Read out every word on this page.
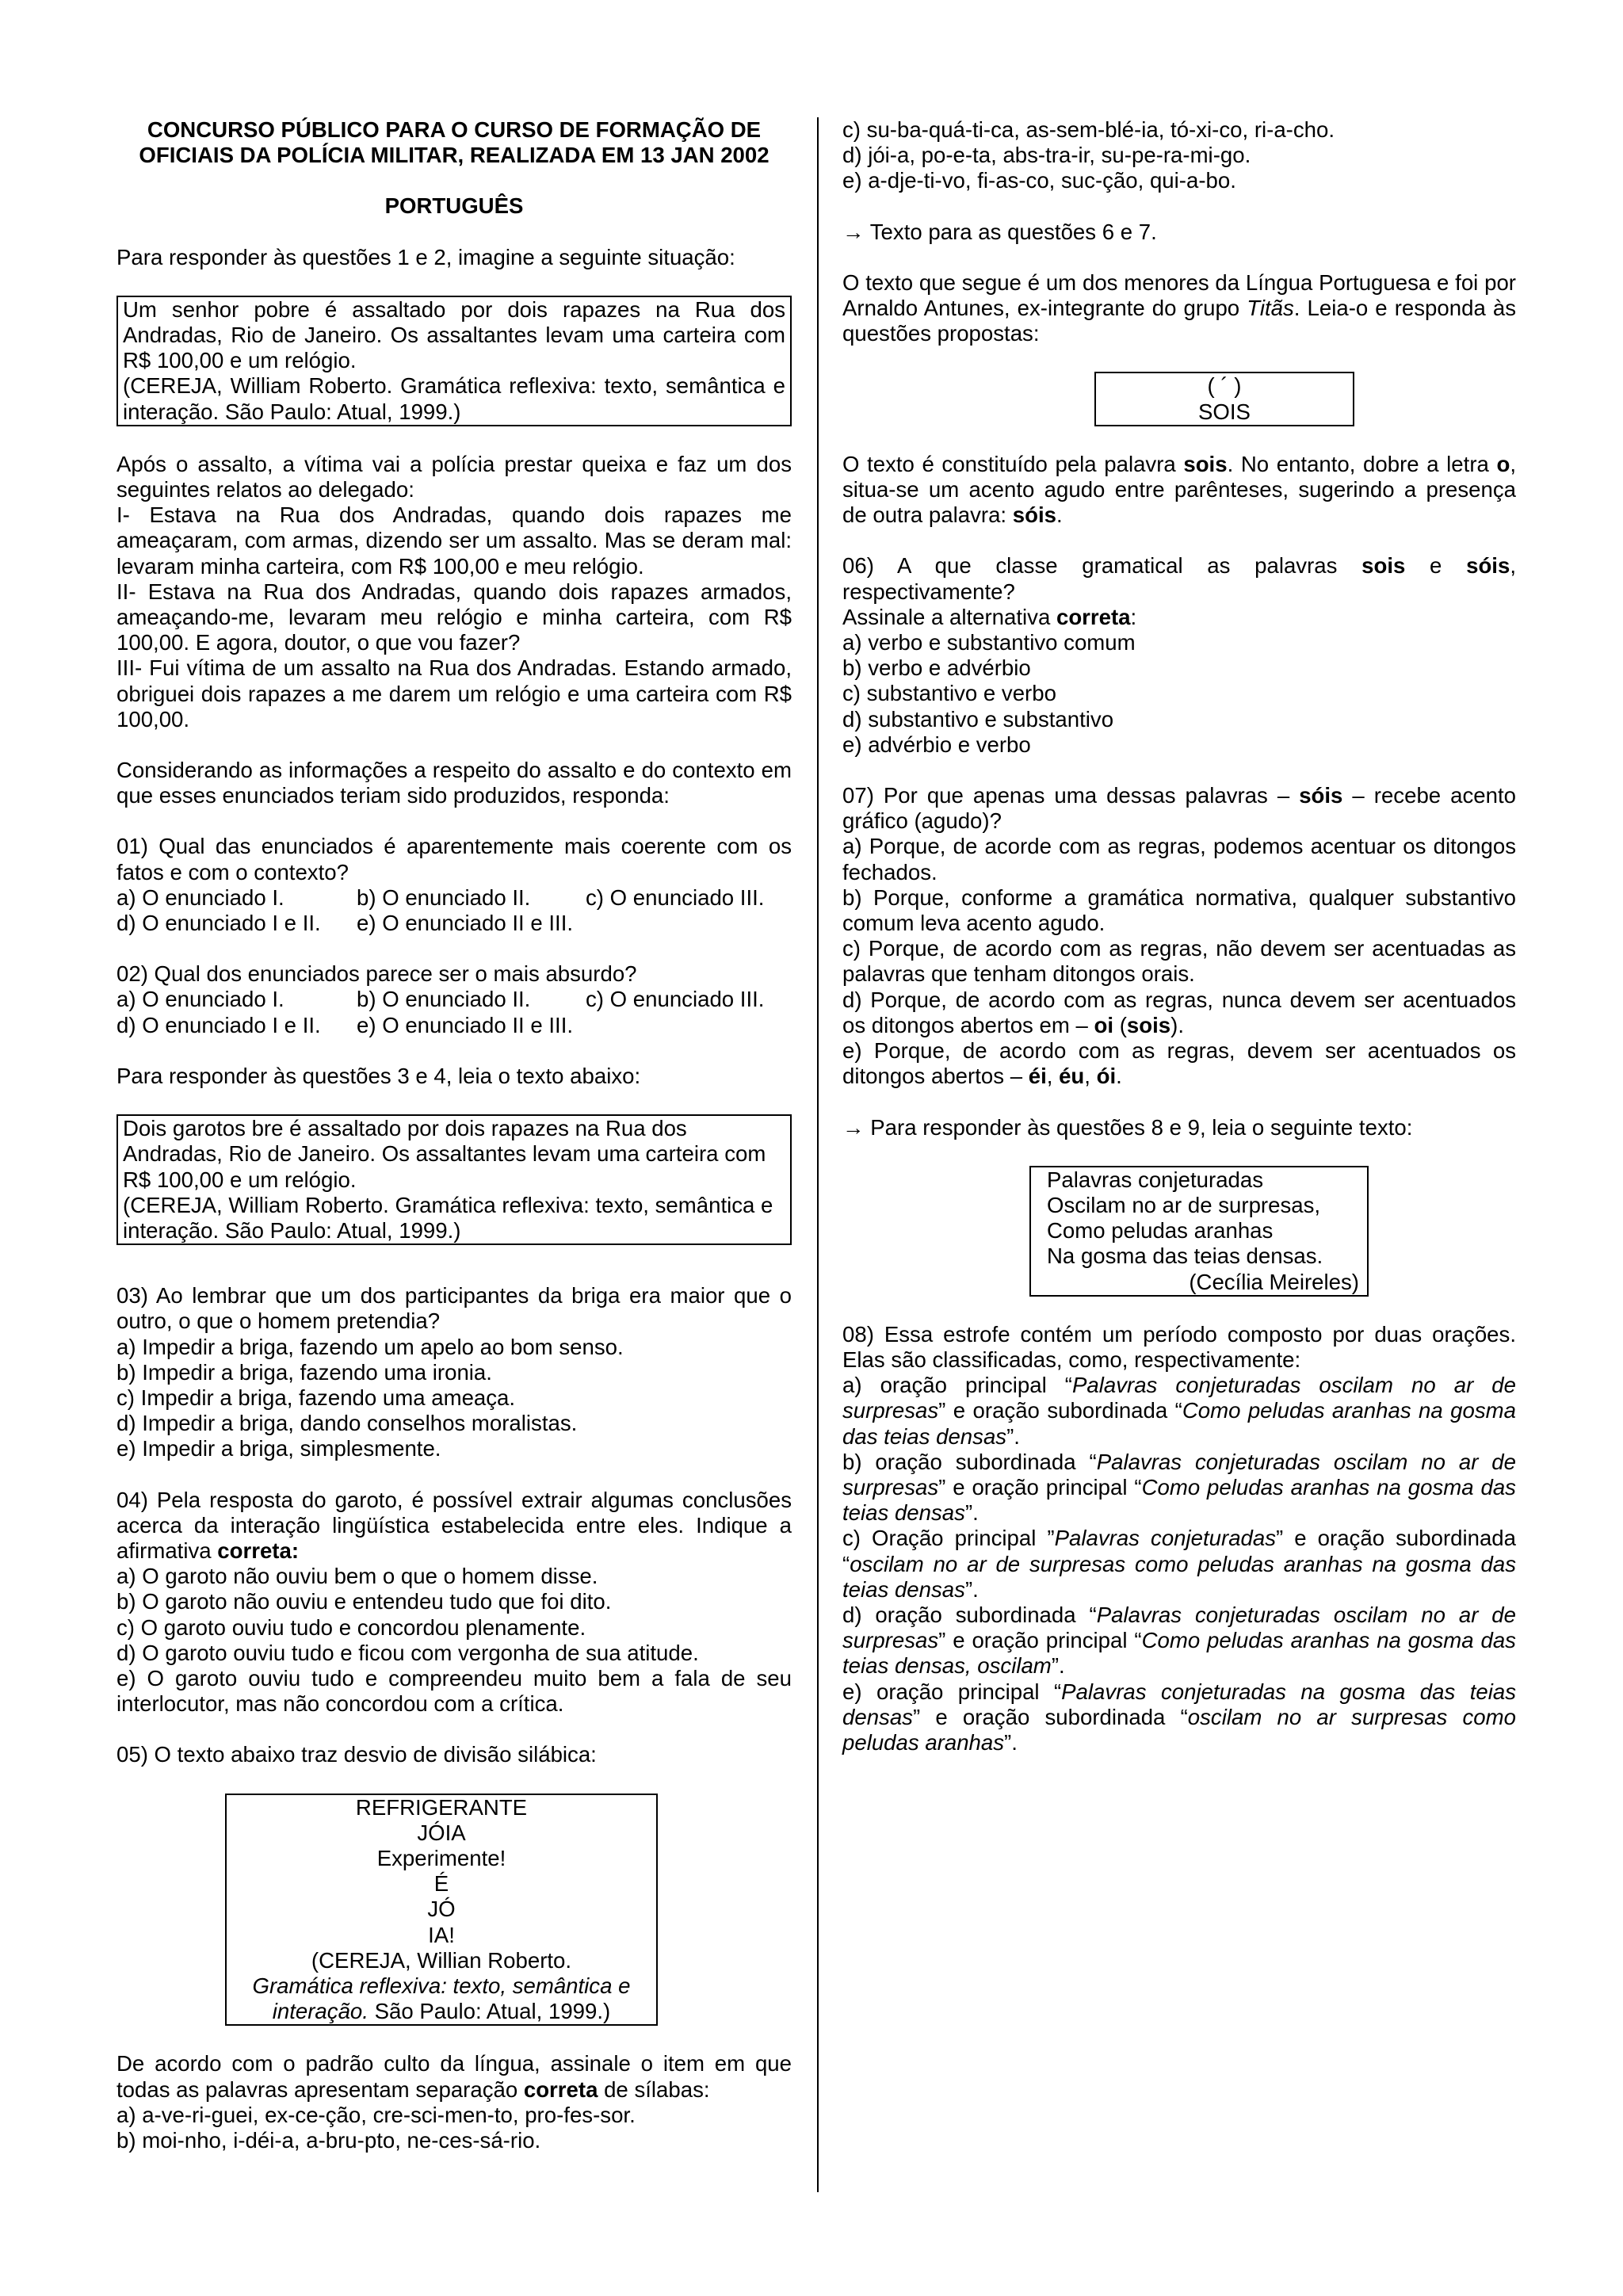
CONCURSO PÚBLICO PARA O CURSO DE FORMAÇÃO DE

OFICIAIS DA POLÍCIA MILITAR, REALIZADA EM 13 JAN 2002

PORTUGUÊS

Para responder às questões 1 e 2, imagine a seguinte situação:

Um senhor pobre é assaltado por dois rapazes na Rua dos Andradas, Rio de Janeiro. Os assaltantes levam uma carteira com R$ 100,00 e um relógio.

(CEREJA, William Roberto. Gramática reflexiva: texto, semântica e interação. São Paulo: Atual, 1999.)

Após o assalto, a vítima vai a polícia prestar queixa e faz um dos seguintes relatos ao delegado:

I- Estava na Rua dos Andradas, quando dois rapazes me ameaçaram, com armas, dizendo ser um assalto. Mas se deram mal: levaram minha carteira, com R$ 100,00 e meu relógio.

II- Estava na Rua dos Andradas, quando dois rapazes armados, ameaçando-me, levaram meu relógio e minha carteira, com R$ 100,00. E agora, doutor, o que vou fazer?

III- Fui vítima de um assalto na Rua dos Andradas. Estando armado, obriguei dois rapazes a me darem um relógio e uma carteira com R$ 100,00.

Considerando as informações a respeito do assalto e do contexto em que esses enunciados teriam sido produzidos, responda:

01) Qual das enunciados é aparentemente mais coerente com os fatos e com o contexto?

a) O enunciado I.	b) O enunciado II.	c) O enunciado III.
d) O enunciado I e II.	e) O enunciado II e III.

02) Qual dos enunciados parece ser o mais absurdo?

a) O enunciado I.	b) O enunciado II.	c) O enunciado III.
d) O enunciado I e II.	e) O enunciado II e III.

Para responder às questões 3 e 4, leia o texto abaixo:

Dois garotos bre é assaltado por dois rapazes na Rua dos Andradas, Rio de Janeiro. Os assaltantes levam uma carteira com R$ 100,00 e um relógio.

(CEREJA, William Roberto. Gramática reflexiva: texto, semântica e interação. São Paulo: Atual, 1999.)

03) Ao lembrar que um dos participantes da briga era maior que o outro, o que o homem pretendia?

a) Impedir a briga, fazendo um apelo ao bom senso.

b) Impedir a briga, fazendo uma ironia.

c) Impedir a briga, fazendo uma ameaça.

d) Impedir a briga, dando conselhos moralistas.

e) Impedir a briga, simplesmente.

04) Pela resposta do garoto, é possível extrair algumas conclusões acerca da interação lingüística estabelecida entre eles. Indique a afirmativa correta:

a) O garoto não ouviu bem o que o homem disse.

b) O garoto não ouviu e entendeu tudo que foi dito.

c) O garoto ouviu tudo e concordou plenamente.

d) O garoto ouviu tudo e ficou com vergonha de sua atitude.

e) O garoto ouviu tudo e compreendeu muito bem a fala de seu interlocutor, mas não concordou com a crítica.

05) O texto abaixo traz desvio de divisão silábica:

REFRIGERANTE

JÓIA

Experimente!

É

JÓ

IA!

(CEREJA, Willian Roberto.
Gramática reflexiva: texto, semântica e interação. São Paulo: Atual, 1999.)

De acordo com o padrão culto da língua, assinale o item em que todas as palavras apresentam separação correta de sílabas:

a) a-ve-ri-guei, ex-ce-ção, cre-sci-men-to, pro-fes-sor.

b) moi-nho, i-déi-a, a-bru-pto, ne-ces-sá-rio.

c) su-ba-quá-ti-ca, as-sem-blé-ia, tó-xi-co, ri-a-cho.

d) jói-a, po-e-ta, abs-tra-ir, su-pe-ra-mi-go.

e) a-dje-ti-vo, fi-as-co, suc-ção, qui-a-bo.

→ Texto para as questões 6 e 7.

O texto que segue é um dos menores da Língua Portuguesa e foi por Arnaldo Antunes, ex-integrante do grupo Titãs. Leia-o e responda às questões propostas:

( ´ )

SOIS

O texto é constituído pela palavra sois. No entanto, dobre a letra o, situa-se um acento agudo entre parênteses, sugerindo a presença de outra palavra: sóis.

06) A que classe gramatical as palavras sois e sóis, respectivamente?

Assinale a alternativa correta:

a) verbo e substantivo comum

b) verbo e advérbio

c) substantivo e verbo

d) substantivo e substantivo

e) advérbio e verbo

07) Por que apenas uma dessas palavras – sóis – recebe acento gráfico (agudo)?

a) Porque, de acorde com as regras, podemos acentuar os ditongos fechados.

b) Porque, conforme a gramática normativa, qualquer substantivo comum leva acento agudo.

c) Porque, de acordo com as regras, não devem ser acentuadas as palavras que tenham ditongos orais.

d) Porque, de acordo com as regras, nunca devem ser acentuados os ditongos abertos em – oi (sois).

e) Porque, de acordo com as regras, devem ser acentuados os ditongos abertos – éi, éu, ói.

→ Para responder às questões 8 e 9, leia o seguinte texto:

Palavras conjeturadas

Oscilam no ar de surpresas,

Como peludas aranhas

Na gosma das teias densas.

(Cecília Meireles)

08) Essa estrofe contém um período composto por duas orações. Elas são classificadas, como, respectivamente:

a) oração principal “Palavras conjeturadas oscilam no ar de surpresas” e oração subordinada “Como peludas aranhas na gosma das teias densas”.

b) oração subordinada “Palavras conjeturadas oscilam no ar de surpresas” e oração principal “Como peludas aranhas na gosma das teias densas”.

c) Oração principal ”Palavras conjeturadas” e oração subordinada “oscilam no ar de surpresas como peludas aranhas na gosma das teias densas”.

d) oração subordinada “Palavras conjeturadas oscilam no ar de surpresas” e oração principal “Como peludas aranhas na gosma das teias densas, oscilam”.

e) oração principal “Palavras conjeturadas na gosma das teias densas” e oração subordinada “oscilam no ar surpresas como peludas aranhas”.
